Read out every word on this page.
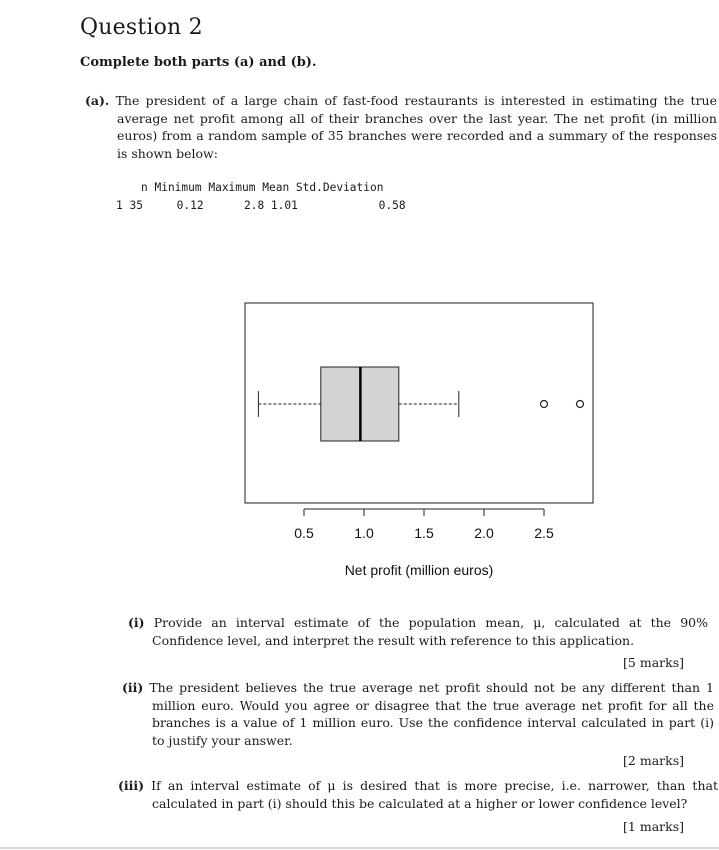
Question 2
Complete both parts (a) and (b).
(a). The president of a large chain of fast-food restaurants is interested in estimating the true average net profit among all of their branches over the last year. The net profit (in million euros) from a random sample of 35 branches were recorded and a summary of the responses is shown below:
n Minimum Maximum Mean Std.Deviation
1 35     0.12      2.8 1.01            0.58
0.5	1.0	1.5	2.0	2.5
Net profit (million euros)
(i) Provide an interval estimate of the population mean, μ, calculated at the 90% Confidence level, and interpret the result with reference to this application.
[5 marks]
(ii) The president believes the true average net profit should not be any different than 1 million euro. Would you agree or disagree that the true average net profit for all the branches is a value of 1 million euro. Use the confidence interval calculated in part (i) to justify your answer.
[2 marks]
(iii) If an interval estimate of μ is desired that is more precise, i.e. narrower, than that calculated in part (i) should this be calculated at a higher or lower confidence level?
[1 marks]
